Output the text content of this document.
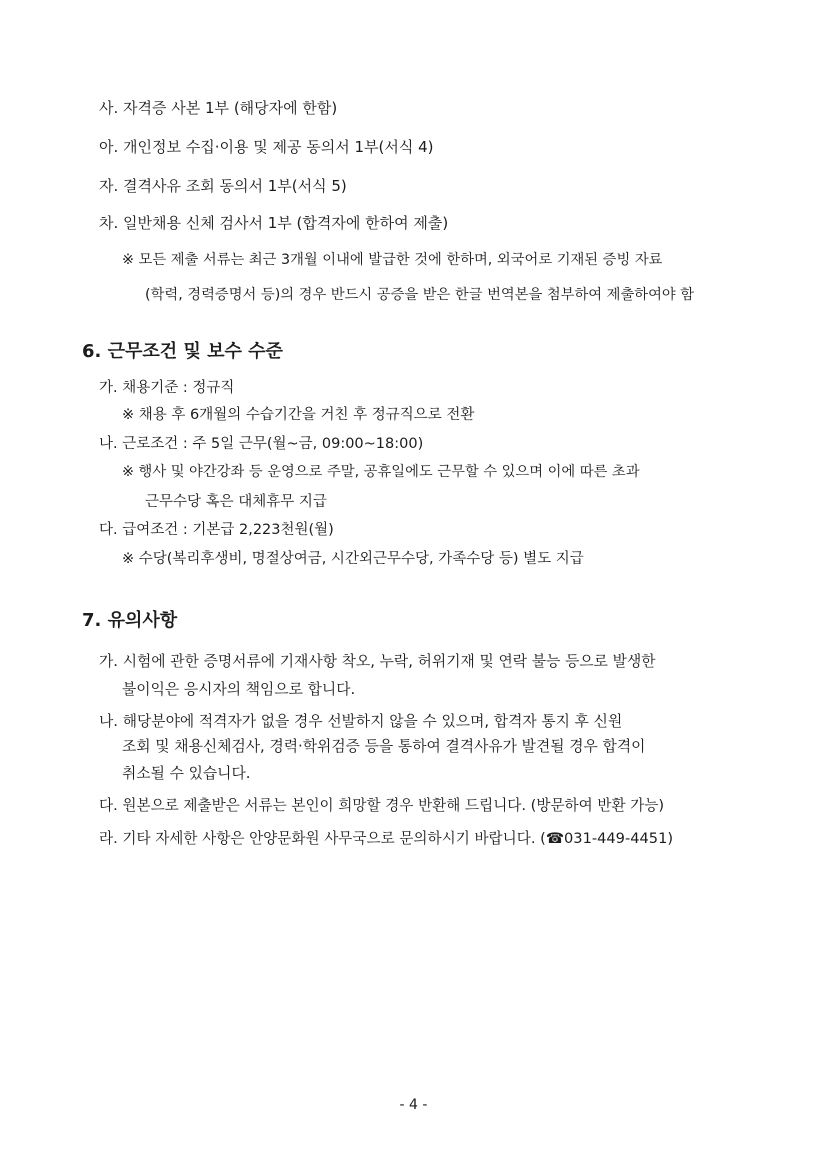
사. 자격증 사본 1부 (해당자에 한함)
아. 개인정보 수집·이용 및 제공 동의서 1부(서식 4)
자. 결격사유 조회 동의서 1부(서식 5)
차. 일반채용 신체 검사서 1부 (합격자에 한하여 제출)
※ 모든 제출 서류는 최근 3개월 이내에 발급한 것에 한하며, 외국어로 기재된 증빙 자료
(학력, 경력증명서 등)의 경우 반드시 공증을 받은 한글 번역본을 첨부하여 제출하여야 함
6. 근무조건 및 보수 수준
가. 채용기준 : 정규직
※ 채용 후 6개월의 수습기간을 거친 후 정규직으로 전환
나. 근로조건 : 주 5일 근무(월~금, 09:00~18:00)
※ 행사 및 야간강좌 등 운영으로 주말, 공휴일에도 근무할 수 있으며 이에 따른 초과
근무수당 혹은 대체휴무 지급
다. 급여조건 : 기본급 2,223천원(월)
※ 수당(복리후생비, 명절상여금, 시간외근무수당, 가족수당 등) 별도 지급
7. 유의사항
가. 시험에 관한 증명서류에 기재사항 착오, 누락, 허위기재 및 연락 불능 등으로 발생한
불이익은 응시자의 책임으로 합니다.
나. 해당분야에 적격자가 없을 경우 선발하지 않을 수 있으며, 합격자 통지 후 신원
조회 및 채용신체검사, 경력·학위검증 등을 통하여 결격사유가 발견될 경우 합격이
취소될 수 있습니다.
다. 원본으로 제출받은 서류는 본인이 희망할 경우 반환해 드립니다. (방문하여 반환 가능)
라. 기타 자세한 사항은 안양문화원 사무국으로 문의하시기 바랍니다. (☎031-449-4451)
- 4 -
